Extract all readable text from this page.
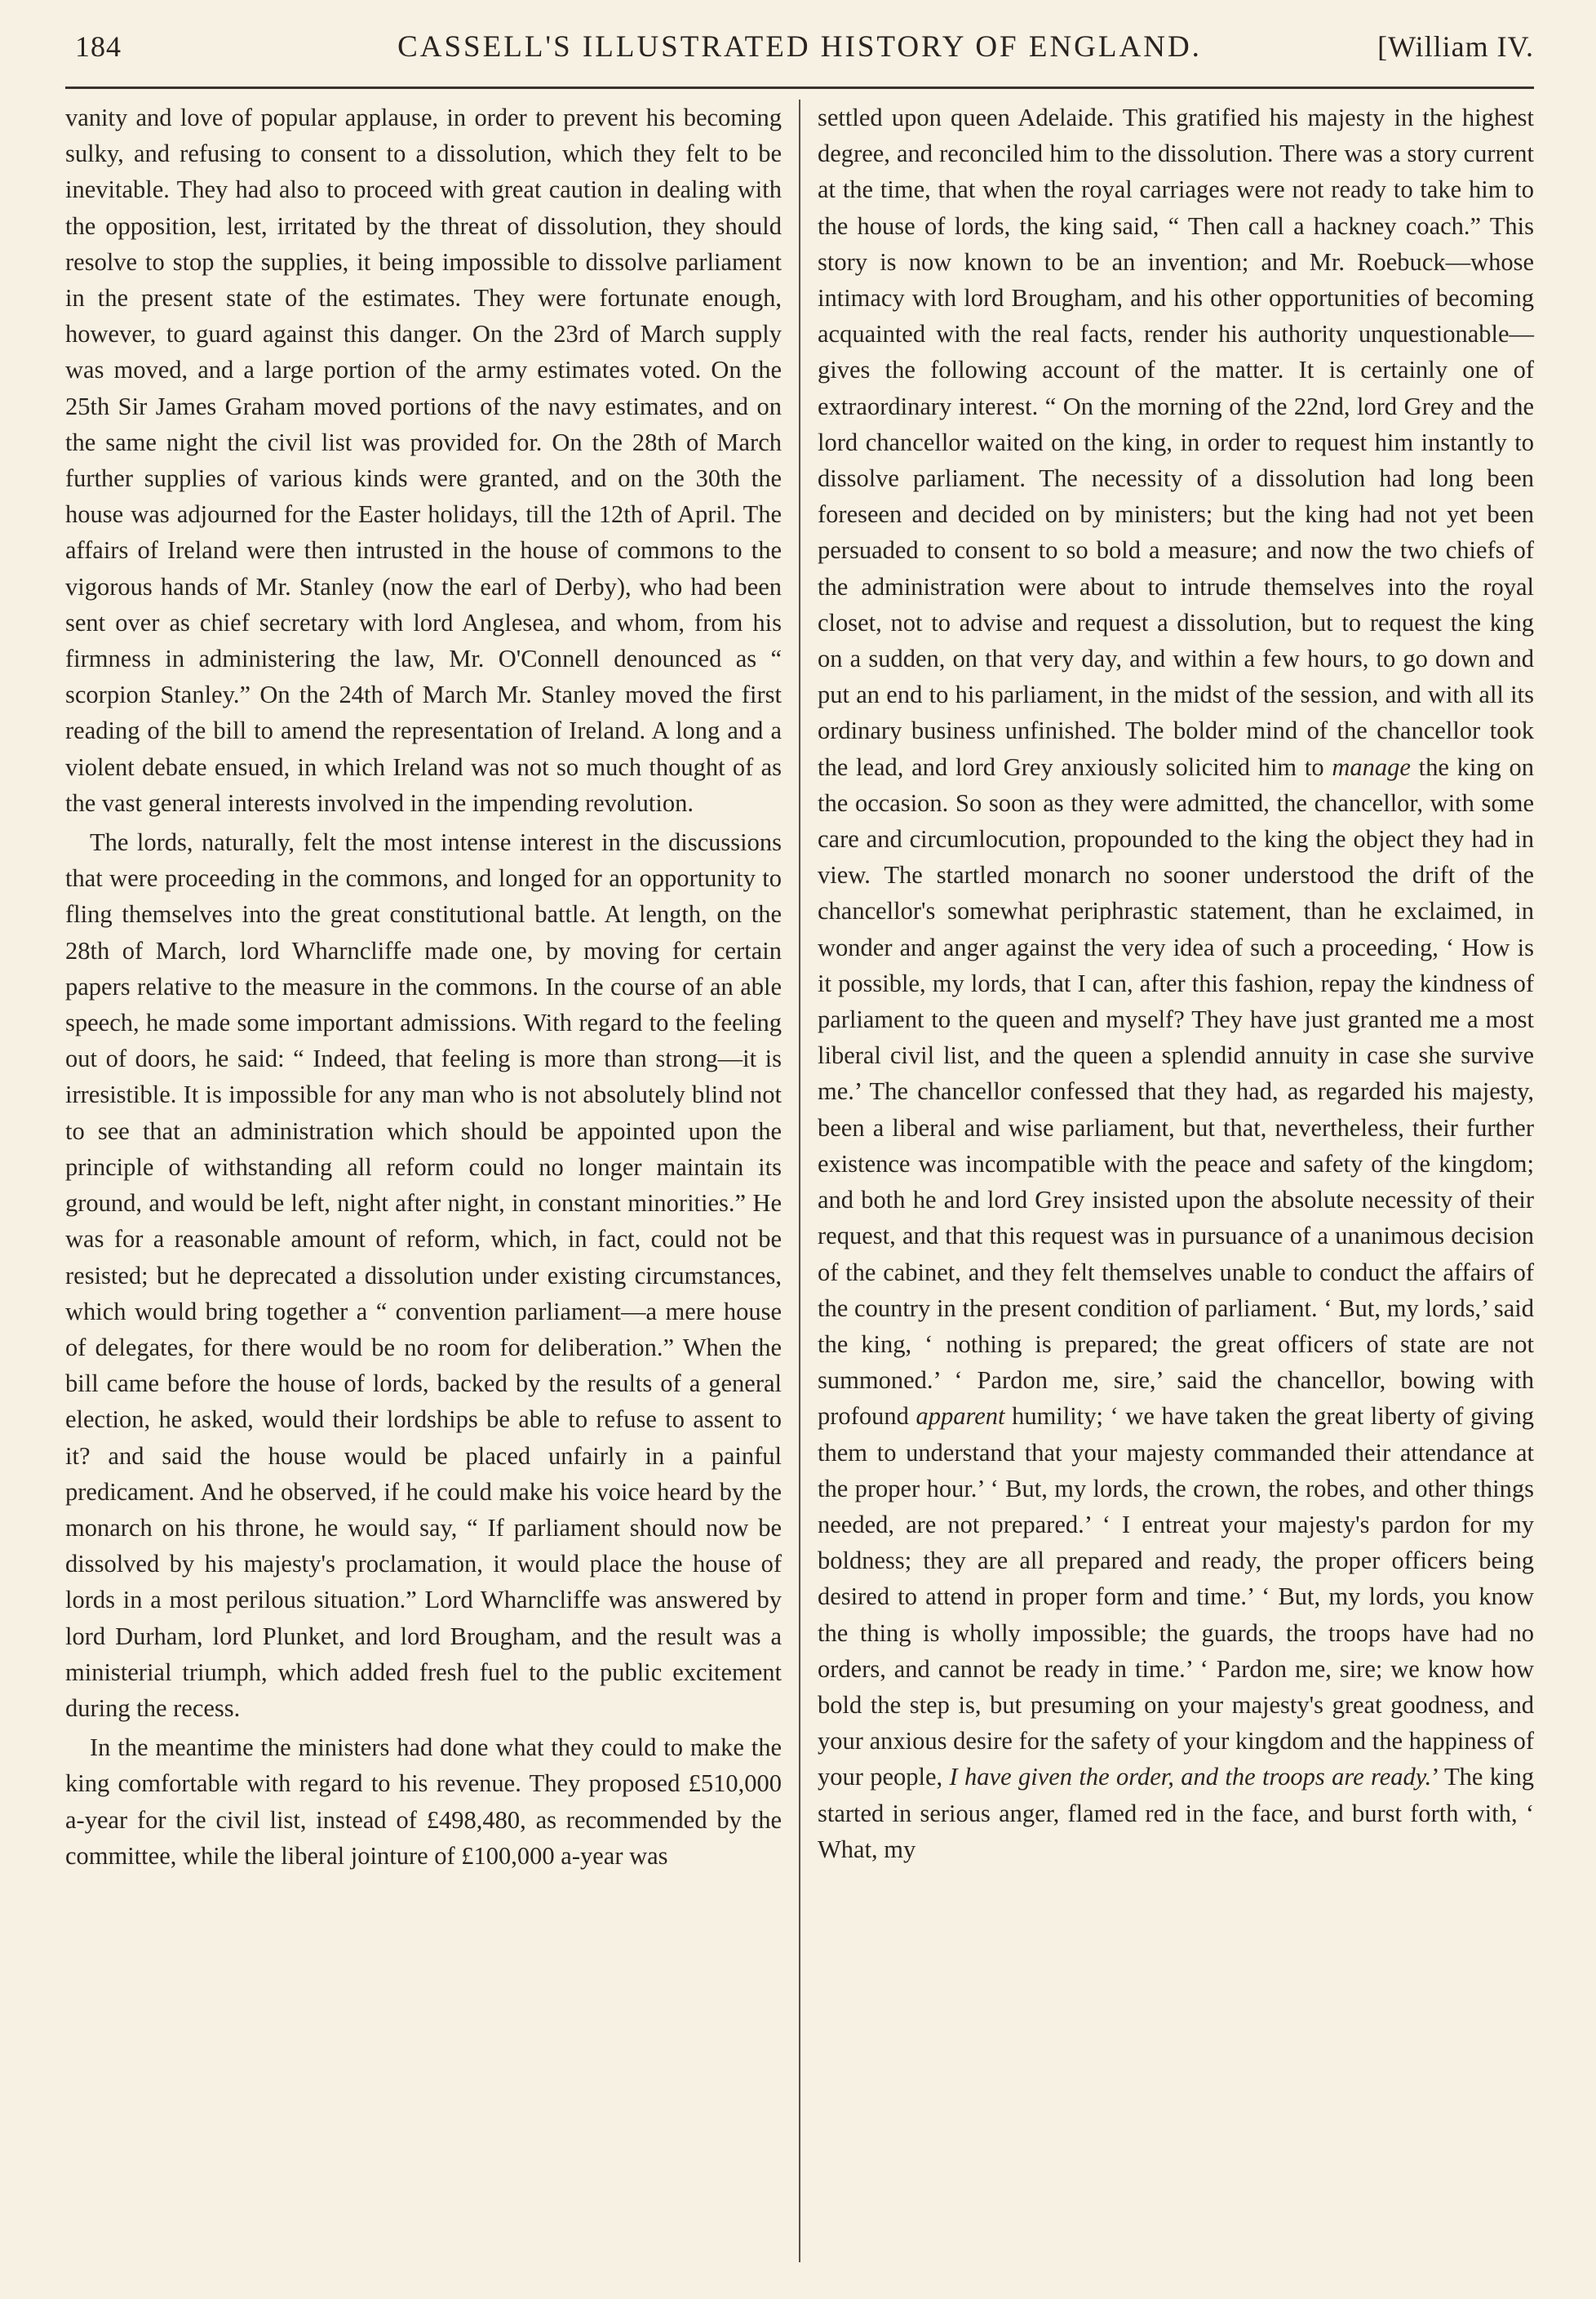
184	CASSELL'S ILLUSTRATED HISTORY OF ENGLAND.	[William IV.

vanity and love of popular applause, in order to prevent his becoming sulky, and refusing to consent to a dissolution, which they felt to be inevitable. They had also to proceed with great caution in dealing with the opposition, lest, irritated by the threat of dissolution, they should resolve to stop the supplies, it being impossible to dissolve parliament in the present state of the estimates. They were fortunate enough, however, to guard against this danger. On the 23rd of March supply was moved, and a large portion of the army estimates voted. On the 25th Sir James Graham moved portions of the navy estimates, and on the same night the civil list was provided for. On the 28th of March further supplies of various kinds were granted, and on the 30th the house was adjourned for the Easter holidays, till the 12th of April. The affairs of Ireland were then intrusted in the house of commons to the vigorous hands of Mr. Stanley (now the earl of Derby), who had been sent over as chief secretary with lord Anglesea, and whom, from his firmness in administering the law, Mr. O'Connell denounced as “ scorpion Stanley.” On the 24th of March Mr. Stanley moved the first reading of the bill to amend the representation of Ireland. A long and a violent debate ensued, in which Ireland was not so much thought of as the vast general interests involved in the impending revolution.

The lords, naturally, felt the most intense interest in the discussions that were proceeding in the commons, and longed for an opportunity to fling themselves into the great constitutional battle. At length, on the 28th of March, lord Wharncliffe made one, by moving for certain papers relative to the measure in the commons. In the course of an able speech, he made some important admissions. With regard to the feeling out of doors, he said: “ Indeed, that feeling is more than strong—it is irresistible. It is impossible for any man who is not absolutely blind not to see that an administration which should be appointed upon the principle of withstanding all reform could no longer maintain its ground, and would be left, night after night, in constant minorities.” He was for a reasonable amount of reform, which, in fact, could not be resisted; but he deprecated a dissolution under existing circumstances, which would bring together a “ convention parliament—a mere house of delegates, for there would be no room for deliberation.” When the bill came before the house of lords, backed by the results of a general election, he asked, would their lordships be able to refuse to assent to it? and said the house would be placed unfairly in a painful predicament. And he observed, if he could make his voice heard by the monarch on his throne, he would say, “ If parliament should now be dissolved by his majesty's proclamation, it would place the house of lords in a most perilous situation.” Lord Wharncliffe was answered by lord Durham, lord Plunket, and lord Brougham, and the result was a ministerial triumph, which added fresh fuel to the public excitement during the recess.

In the meantime the ministers had done what they could to make the king comfortable with regard to his revenue. They proposed £510,000 a-year for the civil list, instead of £498,480, as recommended by the committee, while the liberal jointure of £100,000 a-year was

settled upon queen Adelaide. This gratified his majesty in the highest degree, and reconciled him to the dissolution. There was a story current at the time, that when the royal carriages were not ready to take him to the house of lords, the king said, “ Then call a hackney coach.” This story is now known to be an invention; and Mr. Roebuck—whose intimacy with lord Brougham, and his other opportunities of becoming acquainted with the real facts, render his authority unquestionable—gives the following account of the matter. It is certainly one of extraordinary interest. “ On the morning of the 22nd, lord Grey and the lord chancellor waited on the king, in order to request him instantly to dissolve parliament. The necessity of a dissolution had long been foreseen and decided on by ministers; but the king had not yet been persuaded to consent to so bold a measure; and now the two chiefs of the administration were about to intrude themselves into the royal closet, not to advise and request a dissolution, but to request the king on a sudden, on that very day, and within a few hours, to go down and put an end to his parliament, in the midst of the session, and with all its ordinary business unfinished. The bolder mind of the chancellor took the lead, and lord Grey anxiously solicited him to manage the king on the occasion. So soon as they were admitted, the chancellor, with some care and circumlocution, propounded to the king the object they had in view. The startled monarch no sooner understood the drift of the chancellor's somewhat periphrastic statement, than he exclaimed, in wonder and anger against the very idea of such a proceeding, ‘ How is it possible, my lords, that I can, after this fashion, repay the kindness of parliament to the queen and myself? They have just granted me a most liberal civil list, and the queen a splendid annuity in case she survive me.’ The chancellor confessed that they had, as regarded his majesty, been a liberal and wise parliament, but that, nevertheless, their further existence was incompatible with the peace and safety of the kingdom; and both he and lord Grey insisted upon the absolute necessity of their request, and that this request was in pursuance of a unanimous decision of the cabinet, and they felt themselves unable to conduct the affairs of the country in the present condition of parliament. ‘ But, my lords,’ said the king, ‘ nothing is prepared; the great officers of state are not summoned.’ ‘ Pardon me, sire,’ said the chancellor, bowing with profound apparent humility; ‘ we have taken the great liberty of giving them to understand that your majesty commanded their attendance at the proper hour.’ ‘ But, my lords, the crown, the robes, and other things needed, are not prepared.’ ‘ I entreat your majesty's pardon for my boldness; they are all prepared and ready, the proper officers being desired to attend in proper form and time.’ ‘ But, my lords, you know the thing is wholly impossible; the guards, the troops have had no orders, and cannot be ready in time.’ ‘ Pardon me, sire; we know how bold the step is, but presuming on your majesty's great goodness, and your anxious desire for the safety of your kingdom and the happiness of your people, I have given the order, and the troops are ready.’ The king started in serious anger, flamed red in the face, and burst forth with, ‘ What, my
